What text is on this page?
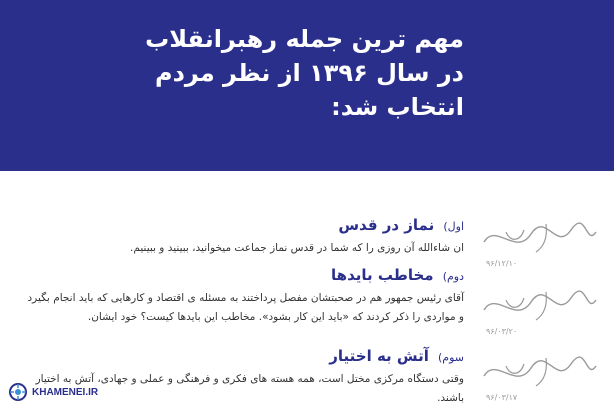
مهم ترین جمله رهبرانقلاب
در سال ۱۳۹۶ از نظر مردم
انتخاب شد:
اول) نماز در قدس
ان شاءالله آن روزی را که شما در قدس نماز جماعت میخوانید، ببینید و ببینیم.
۹۶/۱۲/۱۰
دوم) مخاطب بایدها
آقای رئیس جمهور هم در صحبتشان مفصل پرداختند به مسئله ی اقتصاد و کارهایی که باید انجام بگیرد و مواردی را ذکر کردند که «باید این کار بشود». مخاطب این بایدها کیست؟ خود ایشان.
۹۶/۰۳/۲۰
سوم) آتش به اختیار
وقتی دستگاه مرکزی مختل است، همه هسته های فکری و فرهنگی و عملی و جهادی، آتش به اختیار باشند.	۹۶/۰۳/۱۷
KHAMENEI.IR
